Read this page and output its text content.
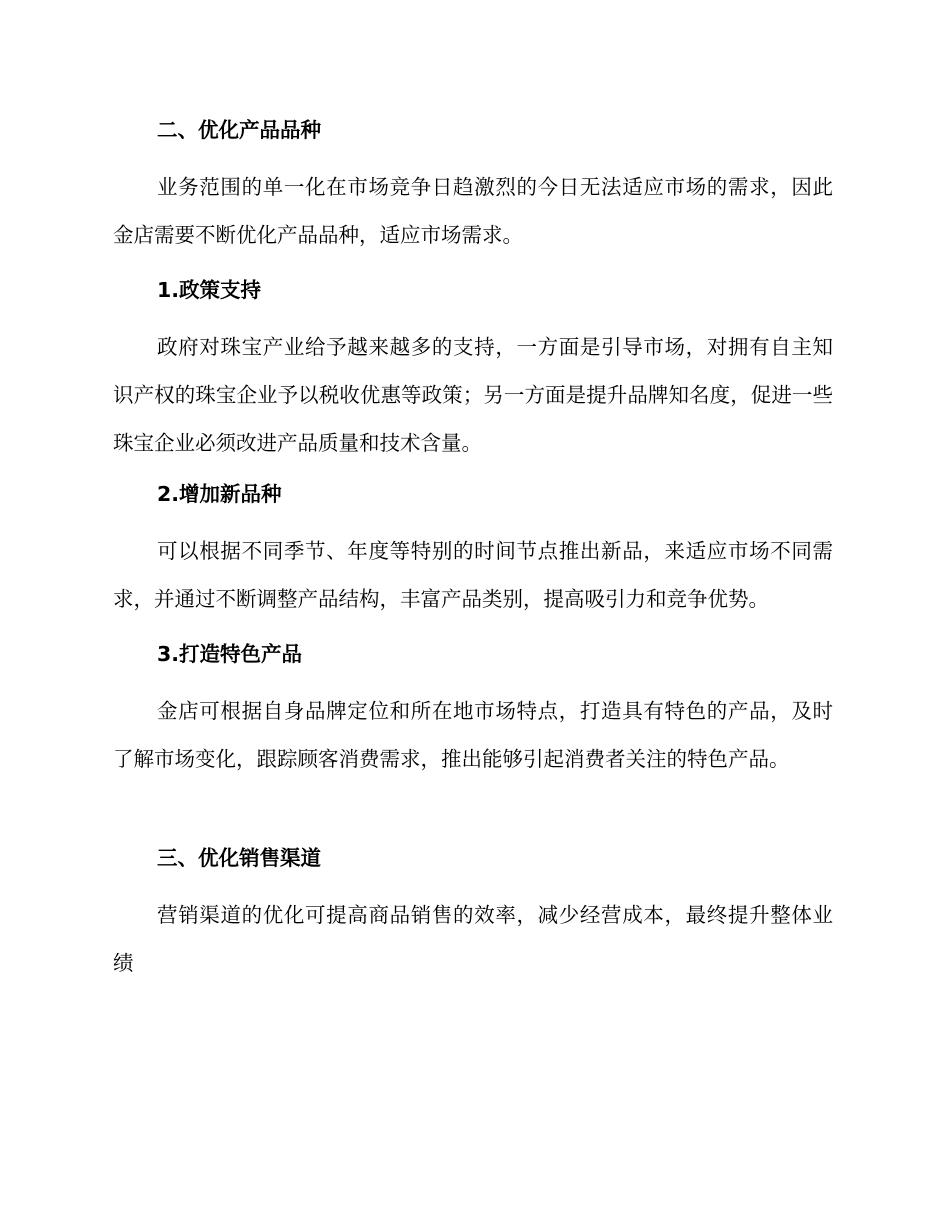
二、优化产品品种
业务范围的单一化在市场竞争日趋激烈的今日无法适应市场的需求，因此金店需要不断优化产品品种，适应市场需求。
1.政策支持
政府对珠宝产业给予越来越多的支持，一方面是引导市场，对拥有自主知识产权的珠宝企业予以税收优惠等政策；另一方面是提升品牌知名度，促进一些珠宝企业必须改进产品质量和技术含量。
2.增加新品种
可以根据不同季节、年度等特别的时间节点推出新品，来适应市场不同需求，并通过不断调整产品结构，丰富产品类别，提高吸引力和竞争优势。
3.打造特色产品
金店可根据自身品牌定位和所在地市场特点，打造具有特色的产品，及时了解市场变化，跟踪顾客消费需求，推出能够引起消费者关注的特色产品。
三、优化销售渠道
营销渠道的优化可提高商品销售的效率，减少经营成本，最终提升整体业绩
